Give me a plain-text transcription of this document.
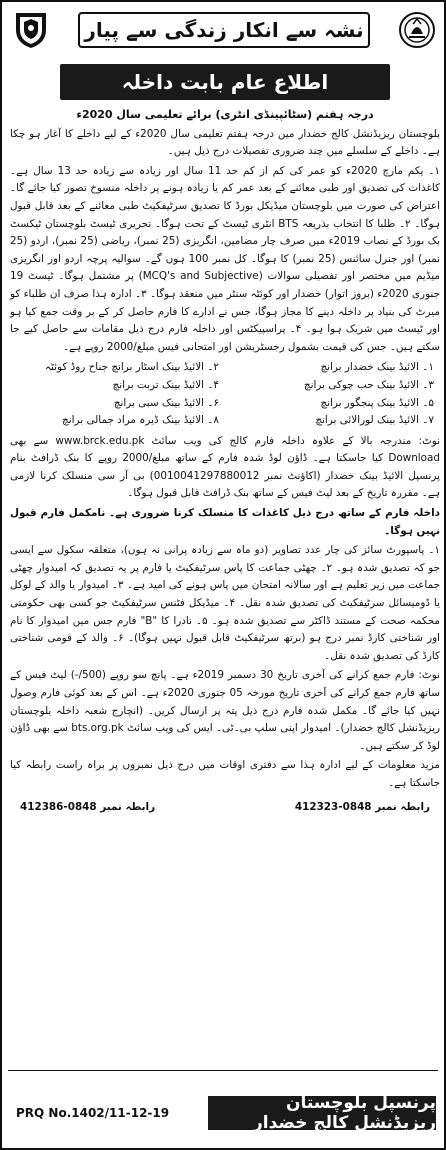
نشہ سے انکار زندگی سے پیار
اطلاع عام بابت داخلہ
درجہ ہفتم (سٹائپینڈی انٹری) برائے تعلیمی سال 2020ء

بلوچستان ریزیڈنشل کالج خضدار میں درجہ ہفتم تعلیمی سال 2020ء کے لیے داخلے کا آغاز ہو چکا ہے۔ داخلے کے سلسلے میں چند ضروری تفصیلات درج ذیل ہیں۔

۱۔ یکم مارچ 2020ء کو عمر کی کم از کم حد 11 سال اور زیادہ سے زیادہ حد 13 سال ہے۔ کاغذات کی تصدیق اور طبی معائنے کے بعد عمر کم یا زیادہ ہونے پر داخلہ منسوخ تصور کیا جائے گا۔ اعتراض کی صورت میں بلوچستان میڈیکل بورڈ کا تصدیق سرٹیفکیٹ طبی معائنے کے بعد قابل قبول ہوگا۔ ۲۔ طلبا کا انتخاب بذریعہ BTS انٹری ٹیسٹ کے تحت ہوگا۔ تحریری ٹیسٹ بلوچستان ٹیکسٹ بک بورڈ کے نصاب 2019ء میں صرف چار مضامین، انگریزی (25 نمبر)، ریاضی (25 نمبر)، اردو (25 نمبر) اور جنرل سائنس (25 نمبر) کا ہوگا۔ کل نمبر 100 ہوں گے۔ سوالیہ پرچہ اردو اور انگریزی میڈیم میں مختصر اور تفصیلی سوالات (MCQ's and Subjective) پر مشتمل ہوگا۔ ٹیسٹ 19 جنوری 2020ء (بروز اتوار) خضدار اور کوئٹہ سنٹر میں منعقد ہوگا۔ ۳۔ ادارہ ہذا صرف ان طلباء کو میرٹ کی بنیاد پر داخلہ دینے کا مجاز ہوگا، جس نے ادارے کا فارم حاصل کر کے بر وقت جمع کیا ہو اور ٹیسٹ میں شریک ہوا ہو۔ ۴۔ پراسپیکٹس اور داخلہ فارم درج ذیل مقامات سے حاصل کیے جا سکتے ہیں۔ جس کی قیمت بشمول رجسٹریشن اور امتحانی فیس مبلغ/2000 روپے ہے۔

۱۔ الائیڈ بینک خضدار برانچ
۲۔ الائیڈ بینک اسٹار برانچ جناح روڈ کوئٹہ
۳۔ الائیڈ بینک حب چوکی برانچ
۴۔ الائیڈ بینک تربت برانچ
۵۔ الائیڈ بینک پنجگور برانچ
۶۔ الائیڈ بینک سبی برانچ
۷۔ الائیڈ بینک لورالائی برانچ
۸۔ الائیڈ بینک ڈیرہ مراد جمالی برانچ

نوٹ: مندرجہ بالا کے علاوہ داخلہ فارم کالج کی ویب سائٹ www.brck.edu.pk سے بھی Download کیا جاسکتا ہے۔ ڈاؤن لوڈ شدہ فارم کے ساتھ مبلغ/2000 روپے کا بنک ڈرافٹ بنام پرنسپل الائیڈ بینک خضدار (اکاؤنٹ نمبر 0010041297880012) بی آر سی منسلک کرنا لازمی ہے۔ مقررہ تاریخ کے بعد لیٹ فیس کے ساتھ بنک ڈرافٹ قابل قبول ہوگا۔

داخلہ فارم کے ساتھ درج ذیل کاغذات کا منسلک کرنا ضروری ہے۔ نامکمل فارم قبول نہیں ہوگا۔

۱۔ پاسپورٹ سائز کی چار عدد تصاویر (دو ماہ سے زیادہ پرانی نہ ہوں)، متعلقہ سکول سے ایسی جو کہ تصدیق شدہ ہو۔ ۲۔ چھٹی جماعت کا پاس سرٹیفکیٹ یا فارم پر یہ تصدیق کہ امیدوار چھٹی جماعت میں زیر تعلیم ہے اور سالانہ امتحان میں پاس ہونے کی امید ہے۔ ۳۔ امیدوار یا والد کے لوکل یا ڈومیسائل سرٹیفکیٹ کی تصدیق شدہ نقل۔ ۴۔ میڈیکل فٹنس سرٹیفکیٹ جو کسی بھی حکومتی محکمہ صحت کے مستند ڈاکٹر سے تصدیق شدہ ہو۔ ۵۔ نادرا کا "B" فارم جس میں امیدوار کا نام اور شناختی کارڈ نمبر درج ہو (برتھ سرٹیفکیٹ قابل قبول نہیں ہوگا)۔ ۶۔ والد کے قومی شناختی کارڈ کی تصدیق شدہ نقل۔

نوٹ: فارم جمع کرانے کی آخری تاریخ 30 دسمبر 2019ء ہے۔ پانچ سو روپے (500/-) لیٹ فیس کے ساتھ فارم جمع کرانے کی آخری تاریخ مورخہ 05 جنوری 2020ء ہے۔ اس کے بعد کوئی فارم وصول نہیں کیا جائے گا۔ مکمل شدہ فارم درج ذیل پتہ پر ارسال کریں۔ (انچارج شعبہ داخلہ بلوچستان ریزیڈنشل کالج خضدار)۔ امیدوار اپنی سلپ بی۔ٹی۔ ایس کی ویب سائٹ bts.org.pk سے بھی ڈاؤن لوڈ کر سکتے ہیں۔

مزید معلومات کے لیے ادارہ ہذا سے دفتری اوقات میں درج ذیل نمبروں پر براہ راست رابطہ کیا جاسکتا ہے۔

رابطہ نمبر 0848-412323
رابطہ نمبر 0848-412386
پرنسپل بلوچستان ریزیڈنشل کالج خضدار
PRQ No.1402/11-12-19
